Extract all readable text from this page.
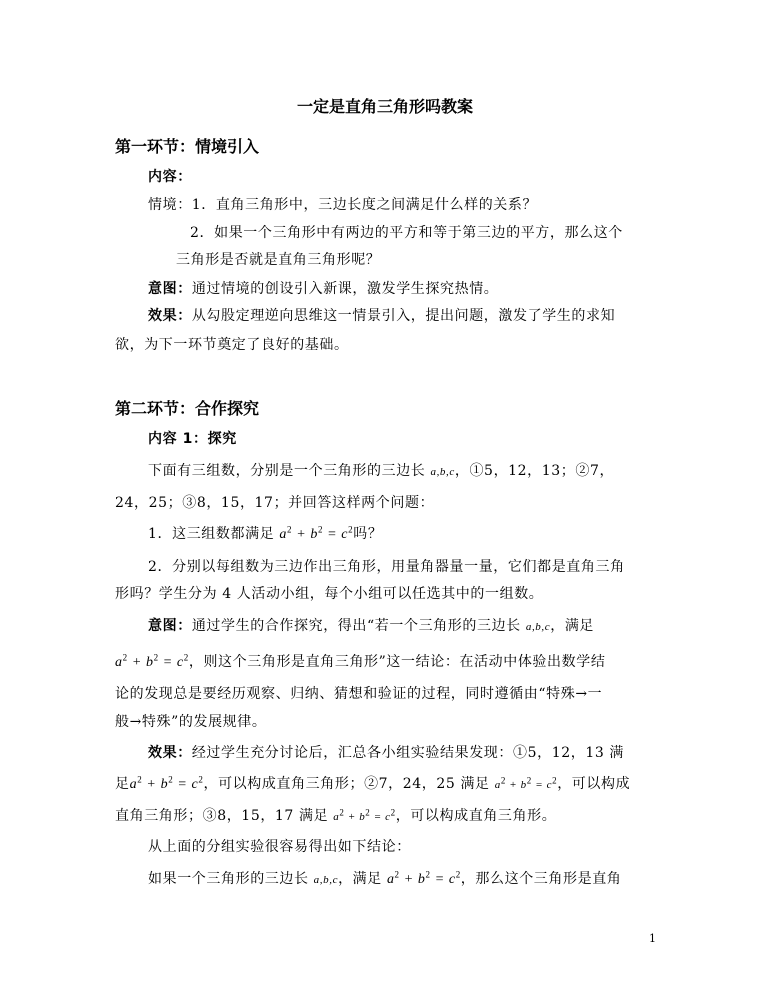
一定是直角三角形吗教案
第一环节：情境引入
内容：
情境：1．直角三角形中，三边长度之间满足什么样的关系？
2．如果一个三角形中有两边的平方和等于第三边的平方，那么这个
三角形是否就是直角三角形呢？
意图：通过情境的创设引入新课，激发学生探究热情。
效果：从勾股定理逆向思维这一情景引入，提出问题，激发了学生的求知
欲，为下一环节奠定了良好的基础。
第二环节：合作探究
内容 1：探究
下面有三组数，分别是一个三角形的三边长 a,b,c，①5，12，13；②7，
24，25；③8，15，17；并回答这样两个问题：
1．这三组数都满足 $a^2 + b^2 = c^2$吗？
2．分别以每组数为三边作出三角形，用量角器量一量，它们都是直角三角
形吗？学生分为 4 人活动小组，每个小组可以任选其中的一组数。
意图：通过学生的合作探究，得出“若一个三角形的三边长 a,b,c，满足
$a^2 + b^2 = c^2$，则这个三角形是直角三角形”这一结论：在活动中体验出数学结
论的发现总是要经历观察、归纳、猜想和验证的过程，同时遵循由“特殊→一
般→特殊”的发展规律。
效果：经过学生充分讨论后，汇总各小组实验结果发现：①5，12，13 满
足$a^2 + b^2 = c^2$，可以构成直角三角形；②7，24，25 满足 $a^2 + b^2 = c^2$，可以构成
直角三角形；③8，15，17 满足 $a^2 + b^2 = c^2$，可以构成直角三角形。
从上面的分组实验很容易得出如下结论：
如果一个三角形的三边长 a,b,c，满足 $a^2 + b^2 = c^2$，那么这个三角形是直角
1
